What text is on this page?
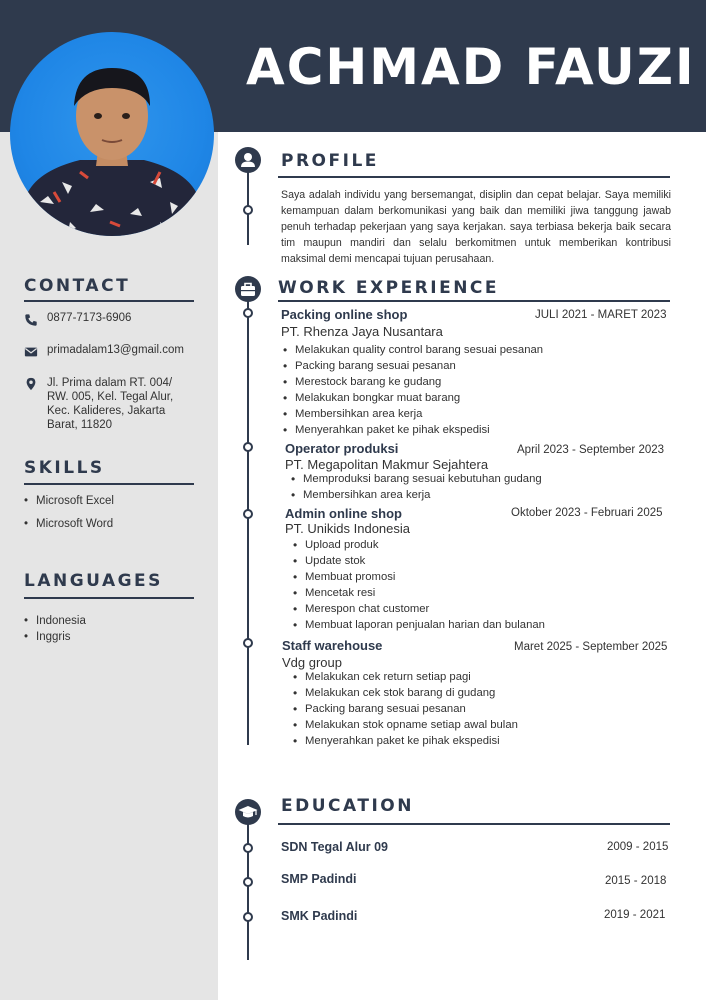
ACHMAD FAUZI
CONTACT
0877-7173-6906
primadalam13@gmail.com
Jl. Prima dalam RT. 004/ RW. 005, Kel. Tegal Alur, Kec. Kalideres, Jakarta Barat, 11820
SKILLS
• Microsoft Excel
• Microsoft Word
LANGUAGES
• Indonesia
• Inggris
PROFILE
Saya adalah individu yang bersemangat, disiplin dan cepat belajar. Saya memiliki kemampuan dalam berkomunikasi yang baik dan memiliki jiwa tanggung jawab penuh terhadap pekerjaan yang saya kerjakan. saya terbiasa bekerja baik secara tim maupun mandiri dan selalu berkomitmen untuk memberikan kontribusi maksimal demi mencapai tujuan perusahaan.
WORK EXPERIENCE
Packing online shop	JULI 2021 - MARET 2023
PT. Rhenza Jaya Nusantara
• Melakukan quality control barang sesuai pesanan
• Packing barang sesuai pesanan
• Merestock barang ke gudang
• Melakukan bongkar muat barang
• Membersihkan area kerja
• Menyerahkan paket ke pihak ekspedisi
Operator produksi	April 2023 - September 2023
PT. Megapolitan Makmur Sejahtera
• Memproduksi barang sesuai kebutuhan gudang
• Membersihkan area kerja
Admin online shop	Oktober 2023 - Februari 2025
PT. Unikids Indonesia
• Upload produk
• Update stok
• Membuat promosi
• Mencetak resi
• Merespon chat customer
• Membuat laporan penjualan harian dan bulanan
Staff warehouse	Maret 2025 - September 2025
Vdg group
• Melakukan cek return setiap pagi
• Melakukan cek stok barang di gudang
• Packing barang sesuai pesanan
• Melakukan stok opname setiap awal bulan
• Menyerahkan paket ke pihak ekspedisi
EDUCATION
SDN Tegal Alur 09	2009 - 2015
SMP Padindi	2015 - 2018
SMK Padindi	2019 - 2021
